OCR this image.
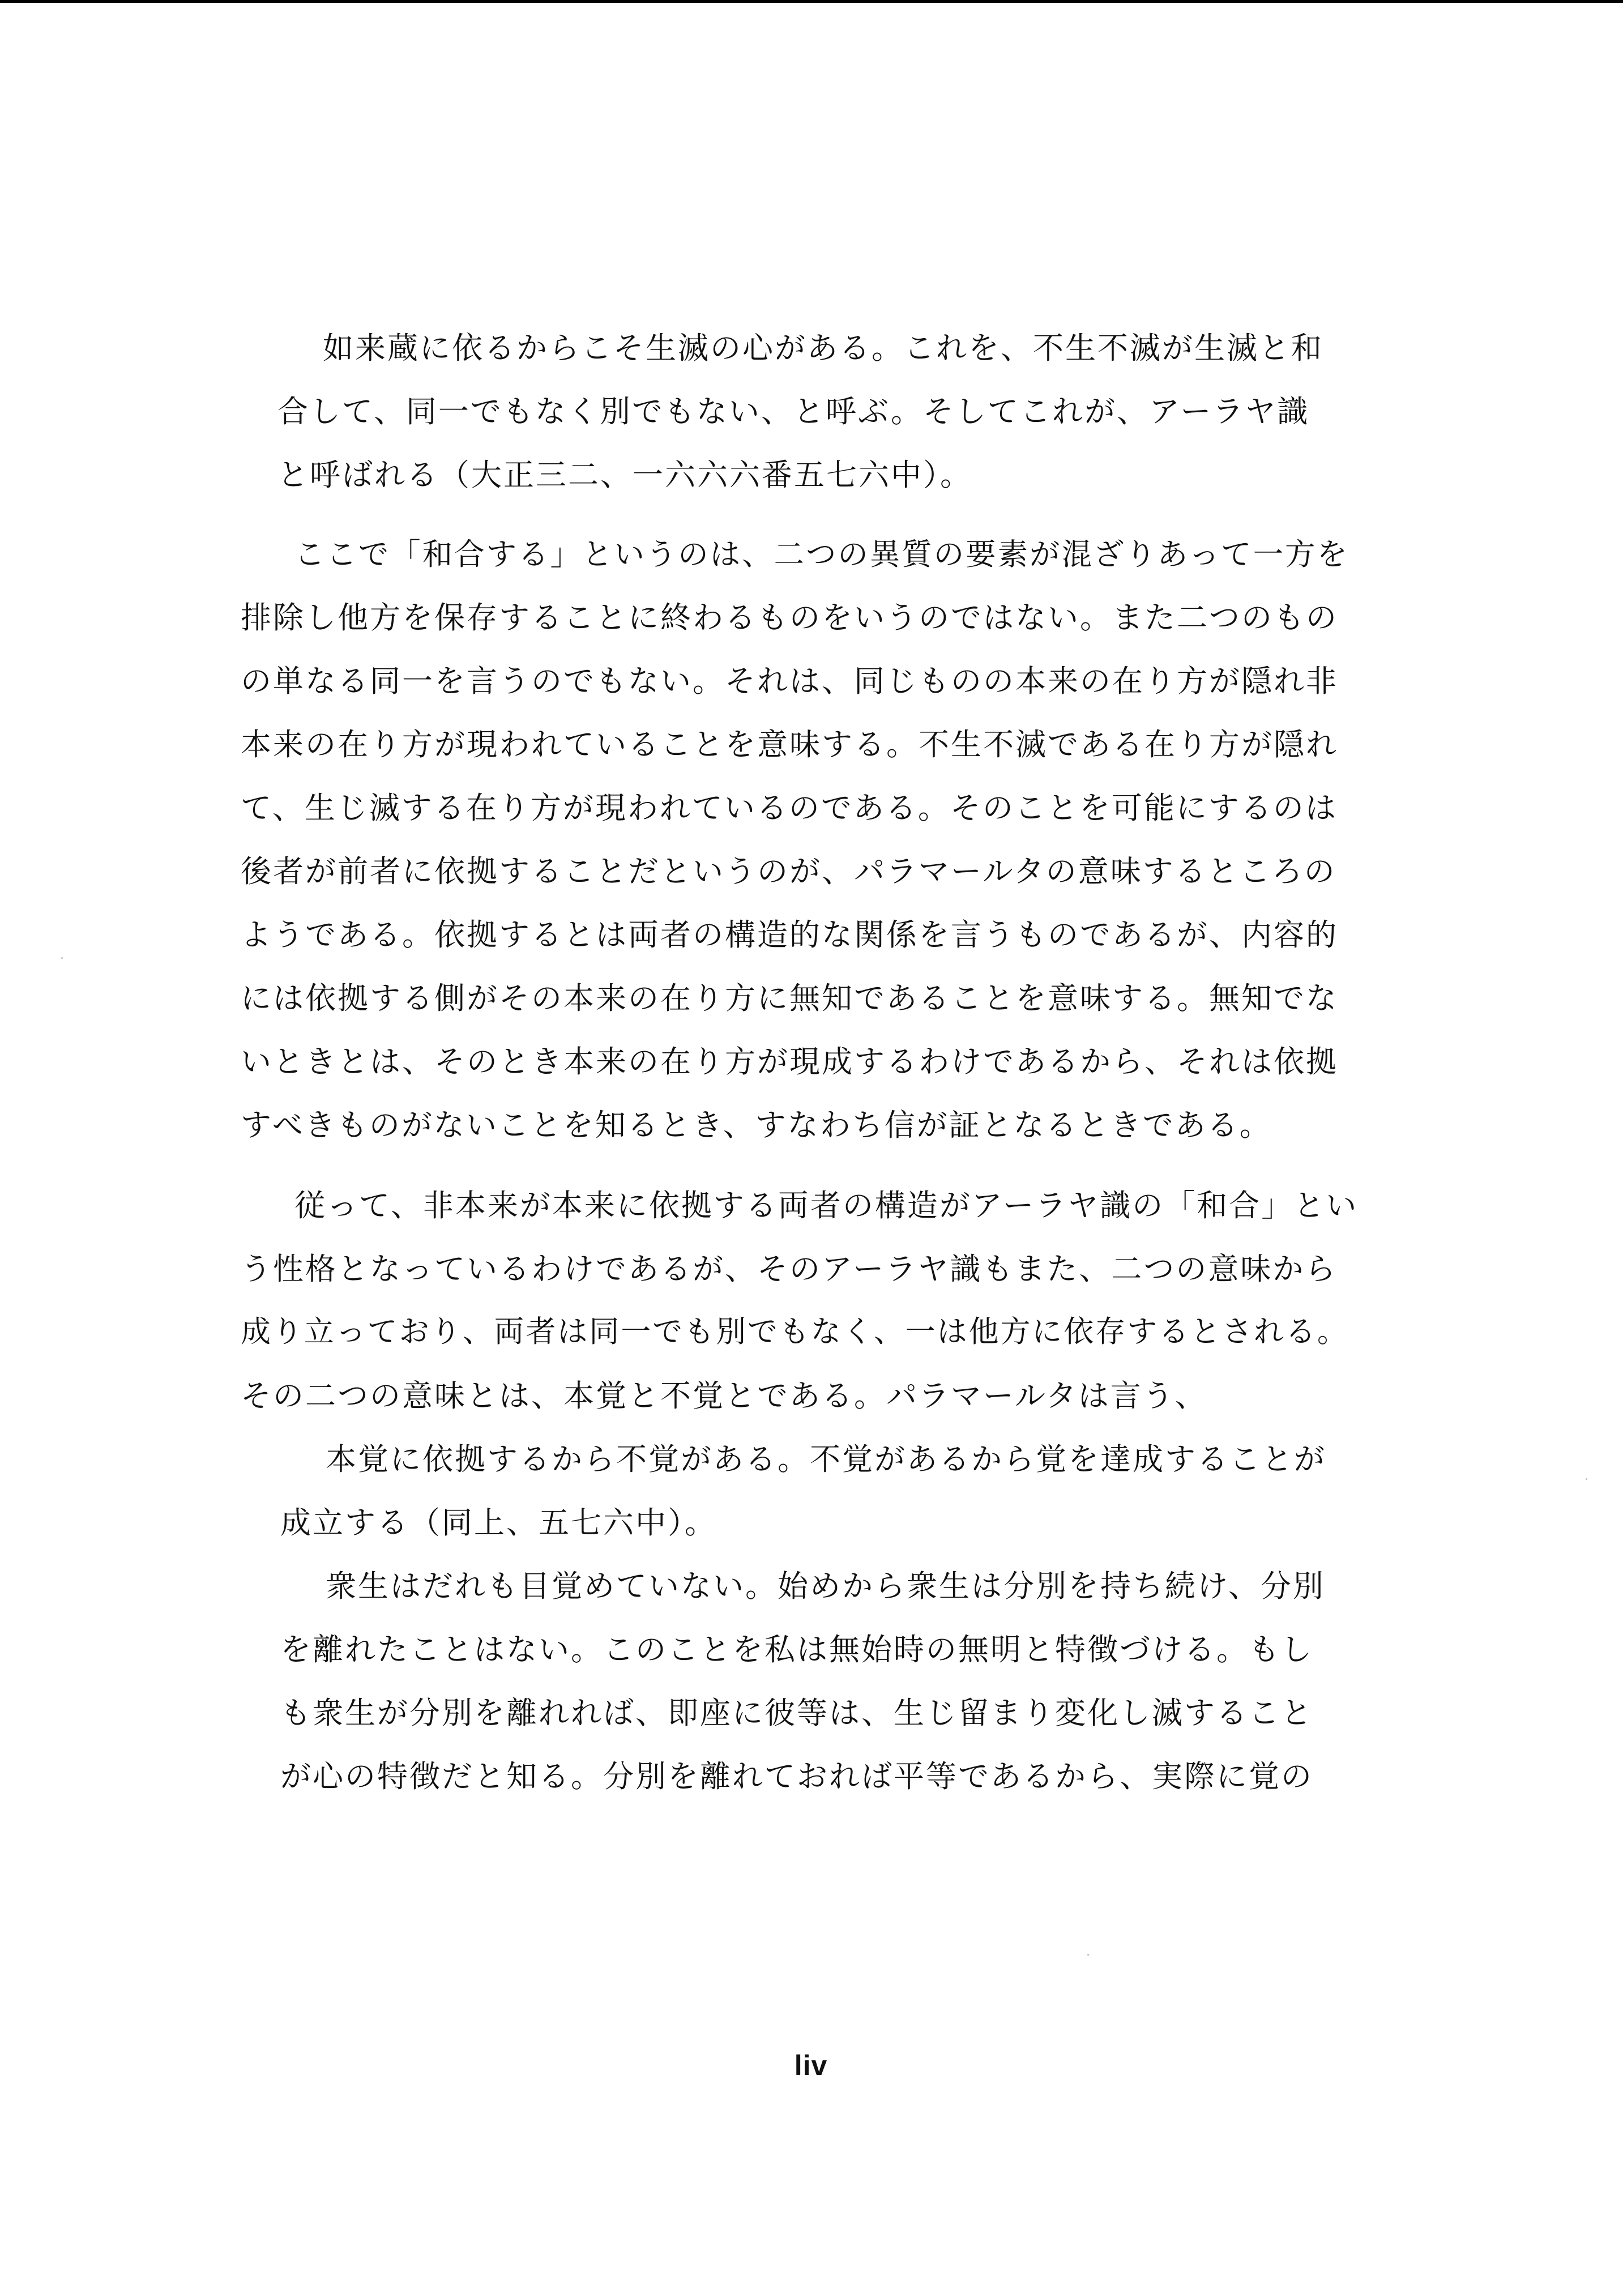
如来蔵に依るからこそ生滅の心がある。これを、不生不滅が生滅と和
合して、同一でもなく別でもない、と呼ぶ。そしてこれが、アーラヤ識
と呼ばれる（大正三二、一六六六番五七六中）。
ここで「和合する」というのは、二つの異質の要素が混ざりあって一方を
排除し他方を保存することに終わるものをいうのではない。また二つのもの
の単なる同一を言うのでもない。それは、同じものの本来の在り方が隠れ非
本来の在り方が現われていることを意味する。不生不滅である在り方が隠れ
て、生じ滅する在り方が現われているのである。そのことを可能にするのは
後者が前者に依拠することだというのが、パラマールタの意味するところの
ようである。依拠するとは両者の構造的な関係を言うものであるが、内容的
には依拠する側がその本来の在り方に無知であることを意味する。無知でな
いときとは、そのとき本来の在り方が現成するわけであるから、それは依拠
すべきものがないことを知るとき、すなわち信が証となるときである。
従って、非本来が本来に依拠する両者の構造がアーラヤ識の「和合」とい
う性格となっているわけであるが、そのアーラヤ識もまた、二つの意味から
成り立っており、両者は同一でも別でもなく、一は他方に依存するとされる。
その二つの意味とは、本覚と不覚とである。パラマールタは言う、
本覚に依拠するから不覚がある。不覚があるから覚を達成することが
成立する（同上、五七六中）。
衆生はだれも目覚めていない。始めから衆生は分別を持ち続け、分別
を離れたことはない。このことを私は無始時の無明と特徴づける。もし
も衆生が分別を離れれば、即座に彼等は、生じ留まり変化し滅すること
が心の特徴だと知る。分別を離れておれば平等であるから、実際に覚の
liv
